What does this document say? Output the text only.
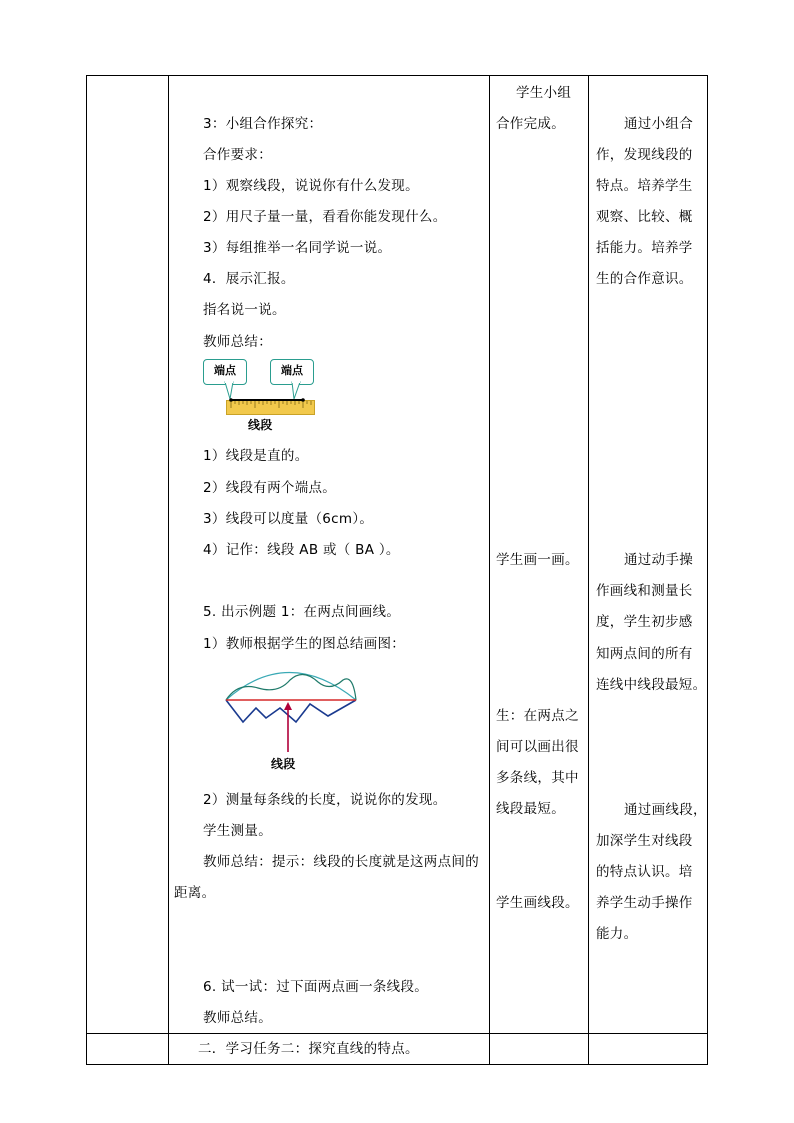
3：小组合作探究：
合作要求：
1）观察线段，说说你有什么发现。
2）用尺子量一量，看看你能发现什么。
3）每组推举一名同学说一说。
4．展示汇报。
指名说一说。
教师总结：
端点	端点
线段
1）线段是直的。
2）线段有两个端点。
3）线段可以度量（6cm）。
4）记作：线段 AB 或（ BA ）。
5. 出示例题 1：在两点间画线。
1）教师根据学生的图总结画图：
线段
2）测量每条线的长度，说说你的发现。
学生测量。
教师总结：提示：线段的长度就是这两点间的
距离。
6. 试一试：过下面两点画一条线段。
教师总结。
二．学习任务二：探究直线的特点。
学生小组
合作完成。
学生画一画。
生：在两点之
间可以画出很
多条线，其中
线段最短。
学生画线段。
通过小组合
作，发现线段的
特点。培养学生
观察、比较、概
括能力。培养学
生的合作意识。
通过动手操
作画线和测量长
度，学生初步感
知两点间的所有
连线中线段最短。
通过画线段，
加深学生对线段
的特点认识。培
养学生动手操作
能力。
